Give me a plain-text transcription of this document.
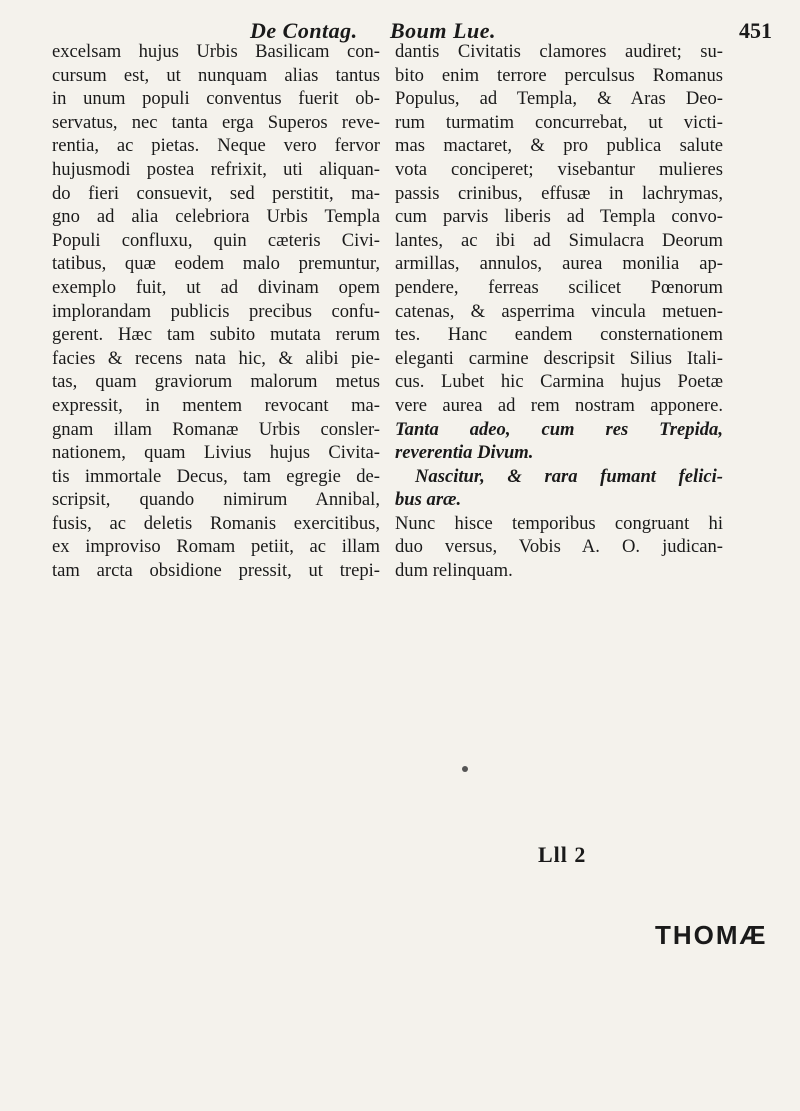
De Contag. Boum Lue.	451
excelsam hujus Urbis Basilicam con-
cursum est, ut nunquam alias tantus
in unum populi conventus fuerit ob-
servatus, nec tanta erga Superos reve-
rentia, ac pietas. Neque vero fervor
hujusmodi postea refrixit, uti aliquan-
do fieri consuevit, sed perstitit, ma-
gno ad alia celebriora Urbis Templa
Populi confluxu, quin cæteris Civi-
tatibus, quæ eodem malo premuntur,
exemplo fuit, ut ad divinam opem
implorandam publicis precibus confu-
gerent. Hæc tam subito mutata rerum
facies & recens nata hic, & alibi pie-
tas, quam graviorum malorum metus
expressit, in mentem revocant ma-
gnam illam Romanæ Urbis consler-
nationem, quam Livius hujus Civita-
tis immortale Decus, tam egregie de-
scripsit, quando nimirum Annibal,
fusis, ac deletis Romanis exercitibus,
ex improviso Romam petiit, ac illam
tam arcta obsidione pressit, ut trepi-
dantis Civitatis clamores audiret; su-
bito enim terrore perculsus Romanus
Populus, ad Templa, & Aras Deo-
rum turmatim concurrebat, ut victi-
mas mactaret, & pro publica salute
vota conciperet; visebantur mulieres
passis crinibus, effusæ in lachrymas,
cum parvis liberis ad Templa convo-
lantes, ac ibi ad Simulacra Deorum
armillas, annulos, aurea monilia ap-
pendere, ferreas scilicet Pœnorum
catenas, & asperrima vincula metuen-
tes. Hanc eandem consternationem
eleganti carmine descripsit Silius Itali-
cus. Lubet hic Carmina hujus Poetæ
vere aurea ad rem nostram apponere.
Tanta adeo, cum res Trepida,
reverentia Divum.
Nascitur, & rara fumant felici-
bus aræ.
Nunc hisce temporibus congruant hi
duo versus, Vobis A. O. judican-
dum relinquam.
Lll 2
THOMÆ
